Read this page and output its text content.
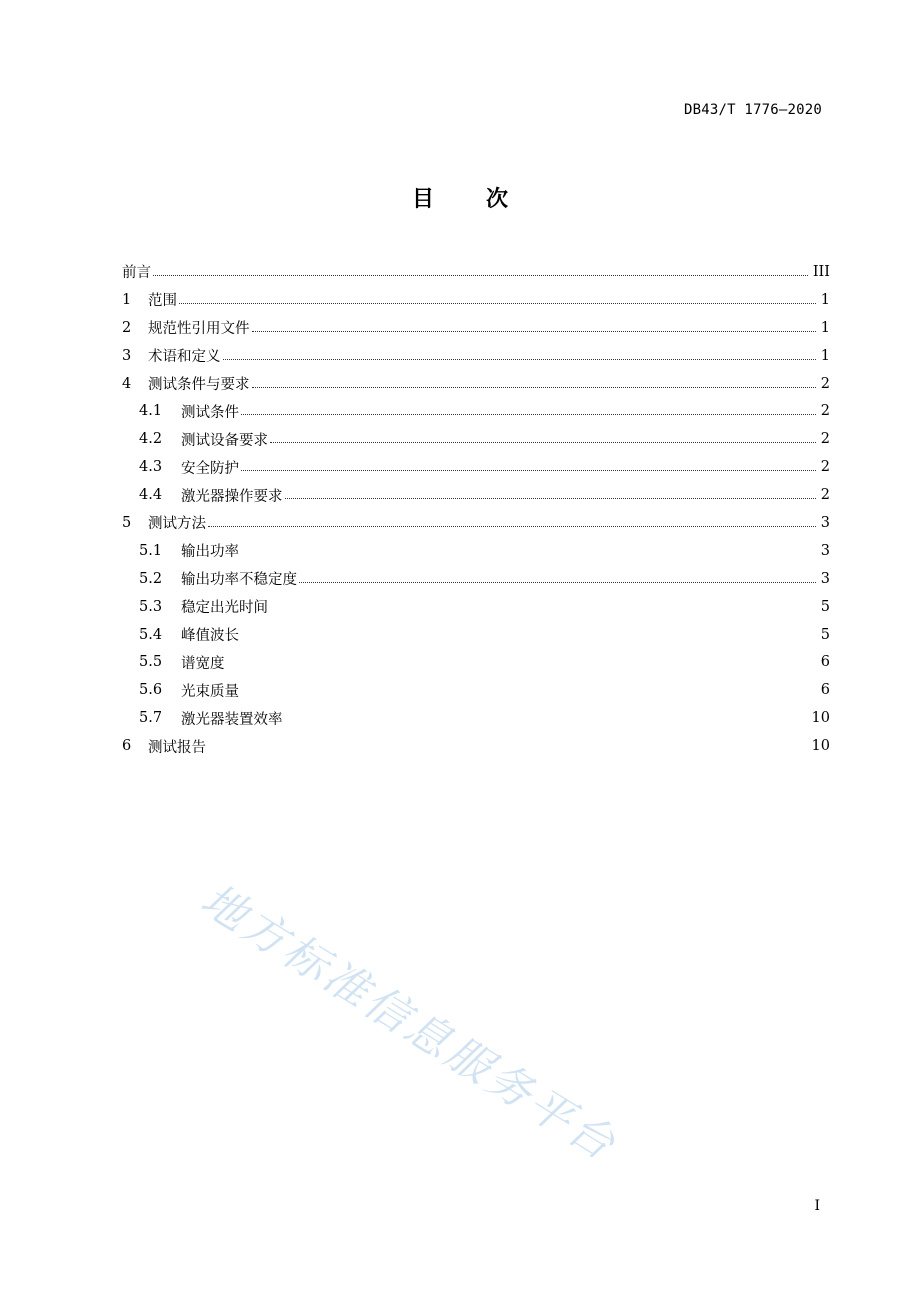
DB43/T 1776—2020
目 次
前言	III
1	范围	1
2	规范性引用文件	1
3	术语和定义	1
4	测试条件与要求	2
4.1	测试条件	2
4.2	测试设备要求	2
4.3	安全防护	2
4.4	激光器操作要求	2
5	测试方法	3
5.1	输出功率	3
5.2	输出功率不稳定度	3
5.3	稳定出光时间	5
5.4	峰值波长	5
5.5	谱宽度	6
5.6	光束质量	6
5.7	激光器装置效率	10
6	测试报告	10
地方标准信息服务平台
I
